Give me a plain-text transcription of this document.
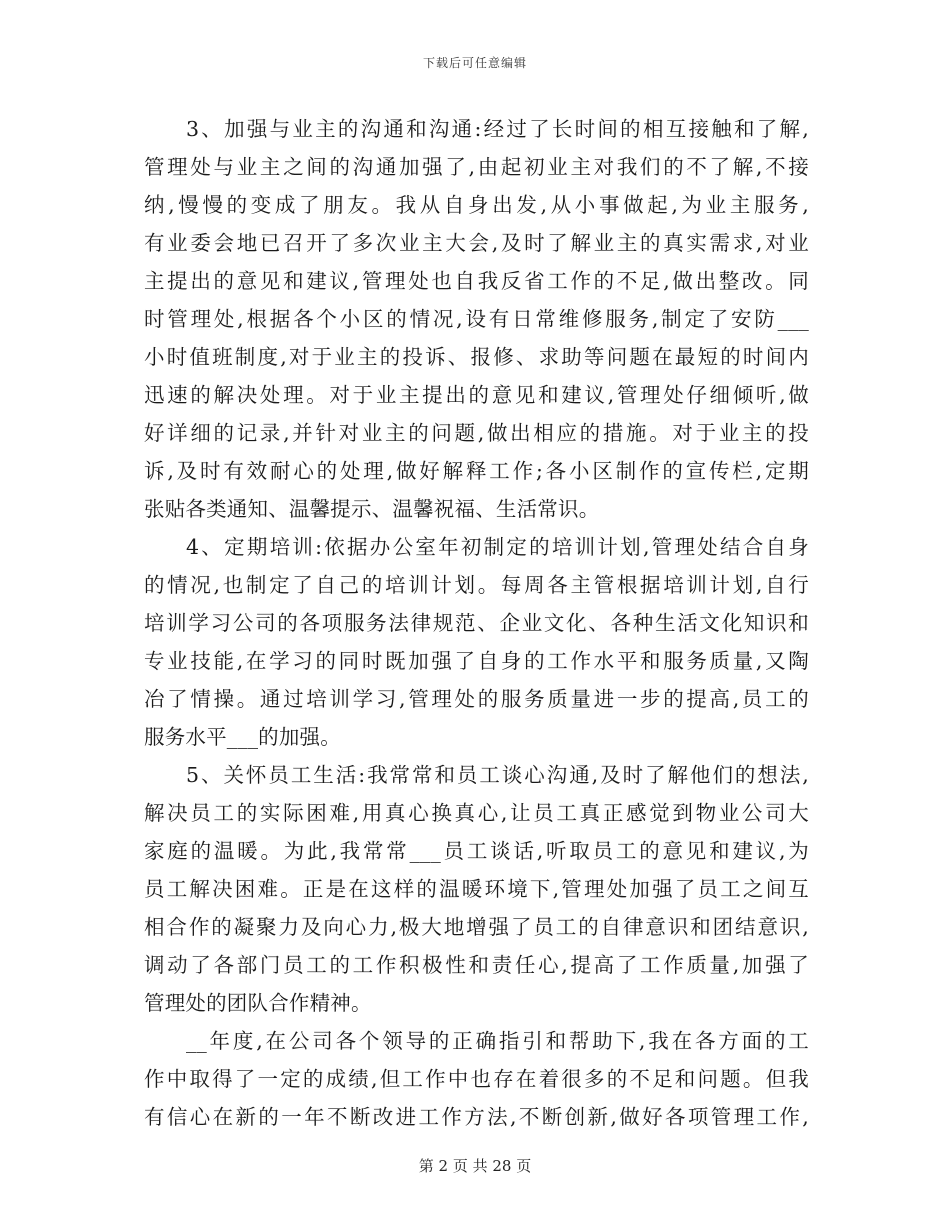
下载后可任意编辑
3、加强与业主的沟通和沟通:经过了长时间的相互接触和了解,
管理处与业主之间的沟通加强了,由起初业主对我们的不了解,不接
纳,慢慢的变成了朋友。我从自身出发,从小事做起,为业主服务,
有业委会地已召开了多次业主大会,及时了解业主的真实需求,对业
主提出的意见和建议,管理处也自我反省工作的不足,做出整改。同
时管理处,根据各个小区的情况,设有日常维修服务,制定了安防___
小时值班制度,对于业主的投诉、报修、求助等问题在最短的时间内
迅速的解决处理。对于业主提出的意见和建议,管理处仔细倾听,做
好详细的记录,并针对业主的问题,做出相应的措施。对于业主的投
诉,及时有效耐心的处理,做好解释工作;各小区制作的宣传栏,定期
张贴各类通知、温馨提示、温馨祝福、生活常识。
4、定期培训:依据办公室年初制定的培训计划,管理处结合自身
的情况,也制定了自己的培训计划。每周各主管根据培训计划,自行
培训学习公司的各项服务法律规范、企业文化、各种生活文化知识和
专业技能,在学习的同时既加强了自身的工作水平和服务质量,又陶
冶了情操。通过培训学习,管理处的服务质量进一步的提高,员工的
服务水平___的加强。
5、关怀员工生活:我常常和员工谈心沟通,及时了解他们的想法,
解决员工的实际困难,用真心换真心,让员工真正感觉到物业公司大
家庭的温暖。为此,我常常___员工谈话,听取员工的意见和建议,为
员工解决困难。正是在这样的温暖环境下,管理处加强了员工之间互
相合作的凝聚力及向心力,极大地增强了员工的自律意识和团结意识,
调动了各部门员工的工作积极性和责任心,提高了工作质量,加强了
管理处的团队合作精神。
__年度,在公司各个领导的正确指引和帮助下,我在各方面的工
作中取得了一定的成绩,但工作中也存在着很多的不足和问题。但我
有信心在新的一年不断改进工作方法,不断创新,做好各项管理工作,
第 2 页 共 28 页
